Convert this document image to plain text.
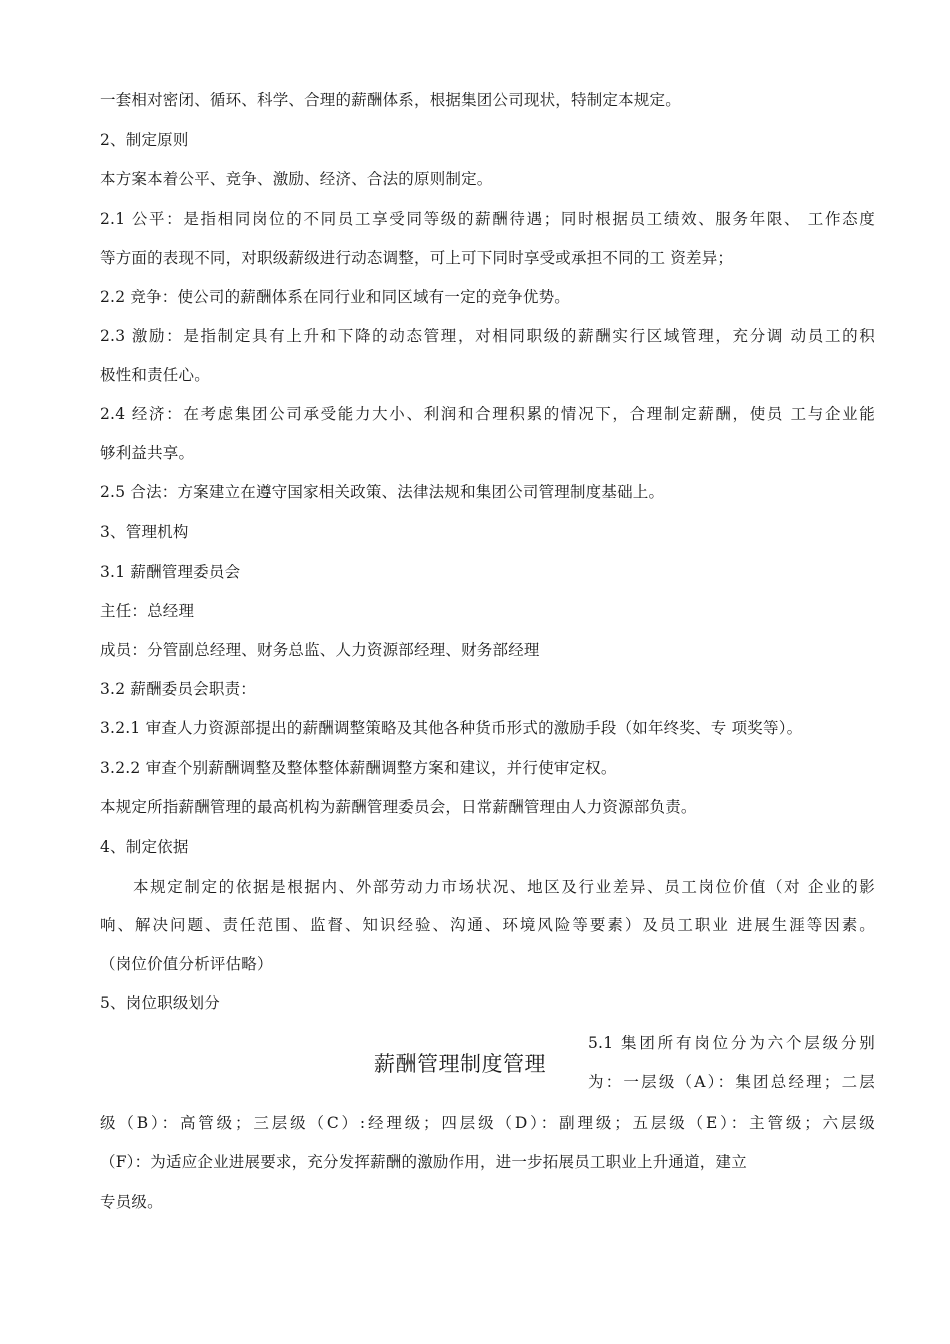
一套相对密闭、循环、科学、合理的薪酬体系，根据集团公司现状，特制定本规定。
2、制定原则
本方案本着公平、竞争、激励、经济、合法的原则制定。
2.1 公平：是指相同岗位的不同员工享受同等级的薪酬待遇；同时根据员工绩效、服务年限、 工作态度
等方面的表现不同，对职级薪级进行动态调整，可上可下同时享受或承担不同的工 资差异；
2.2 竞争：使公司的薪酬体系在同行业和同区域有一定的竞争优势。
2.3 激励：是指制定具有上升和下降的动态管理，对相同职级的薪酬实行区域管理，充分调 动员工的积
极性和责任心。
2.4 经济：在考虑集团公司承受能力大小、利润和合理积累的情况下，合理制定薪酬，使员 工与企业能
够利益共享。
2.5 合法：方案建立在遵守国家相关政策、法律法规和集团公司管理制度基础上。
3、管理机构
3.1 薪酬管理委员会
主任：总经理
成员：分管副总经理、财务总监、人力资源部经理、财务部经理
3.2 薪酬委员会职责：
3.2.1 审查人力资源部提出的薪酬调整策略及其他各种货币形式的激励手段（如年终奖、专 项奖等）。
3.2.2 审查个别薪酬调整及整体整体薪酬调整方案和建议，并行使审定权。
本规定所指薪酬管理的最高机构为薪酬管理委员会，日常薪酬管理由人力资源部负责。
4、制定依据
本规定制定的依据是根据内、外部劳动力市场状况、地区及行业差异、员工岗位价值（对 企业的影
响、解决问题、责任范围、监督、知识经验、沟通、环境风险等要素）及员工职业 进展生涯等因素。
（岗位价值分析评估略）
5、岗位职级划分
薪酬管理制度管理
5.1 集团所有岗位分为六个层级分别
为：一层级（A）：集团总经理；二层
级（B）：高管级；三层级（C）:经理级；四层级（D）：副理级；五层级（E）：主管级；六层级
（F）：为适应企业进展要求，充分发挥薪酬的激励作用，进一步拓展员工职业上升通道，建立
专员级。
